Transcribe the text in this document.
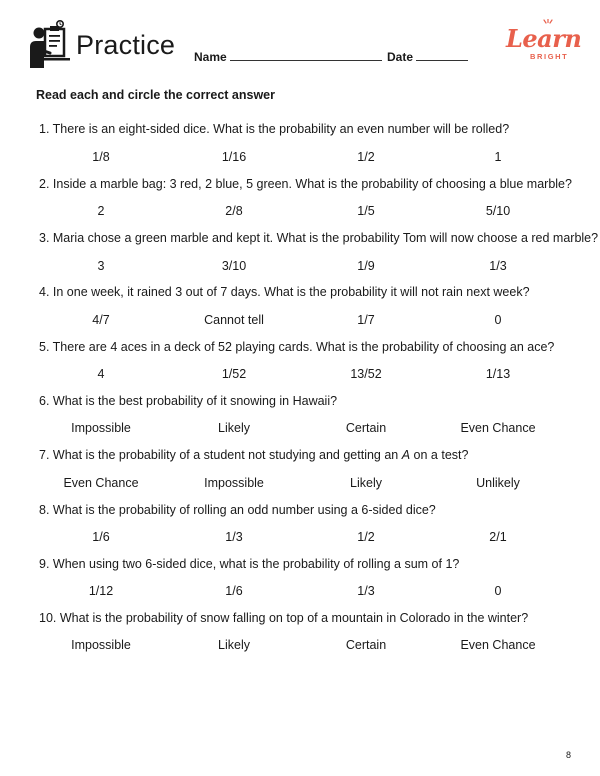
Practice Name	Date
Learn
BRIGHT
Read each and circle the correct answer
1. There is an eight-sided dice. What is the probability an even number will be rolled?
1/8	1/16	1/2	1
2. Inside a marble bag: 3 red, 2 blue, 5 green. What is the probability of choosing a blue marble?
2	2/8	1/5	5/10
3. Maria chose a green marble and kept it. What is the probability Tom will now choose a red marble?
3	3/10	1/9	1/3
4. In one week, it rained 3 out of 7 days. What is the probability it will not rain next week?
4/7	Cannot tell	1/7	0
5. There are 4 aces in a deck of 52 playing cards. What is the probability of choosing an ace?
4	1/52	13/52	1/13
6. What is the best probability of it snowing in Hawaii?
Impossible	Likely	Certain	Even Chance
7. What is the probability of a student not studying and getting an A on a test?
Even Chance	Impossible	Likely	Unlikely
8. What is the probability of rolling an odd number using a 6-sided dice?
1/6	1/3	1/2	2/1
9. When using two 6-sided dice, what is the probability of rolling a sum of 1?
1/12	1/6	1/3	0
10. What is the probability of snow falling on top of a mountain in Colorado in the winter?
Impossible	Likely	Certain	Even Chance
8
